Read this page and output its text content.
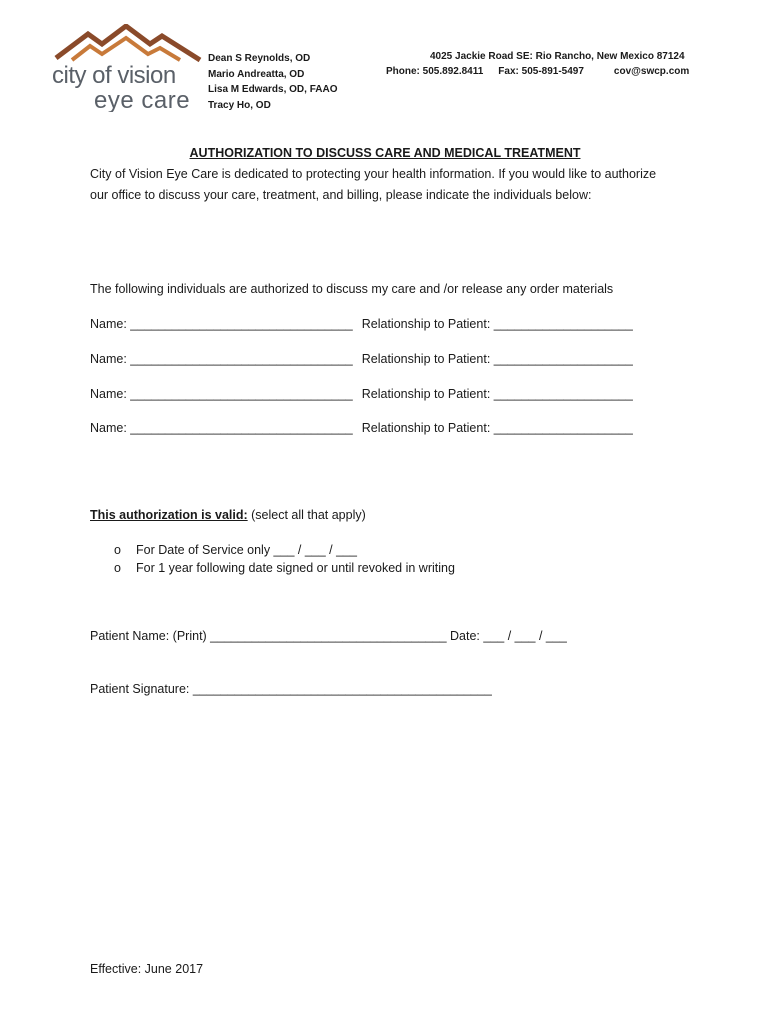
city of vision
eye care
Dean S Reynolds, OD
Mario Andreatta, OD
Lisa M Edwards, OD, FAAO
Tracy Ho, OD
4025 Jackie Road SE: Rio Rancho, New Mexico 87124
Phone: 505.892.8411 Fax: 505-891-5497	cov@swcp.com
AUTHORIZATION TO DISCUSS CARE AND MEDICAL TREATMENT
City of Vision Eye Care is dedicated to protecting your health information. If you would like to authorize
our office to discuss your care, treatment, and billing, please indicate the individuals below:
The following individuals are authorized to discuss my care and /or release any order materials
Name: ________________________________ Relationship to Patient: ____________________
Name: ________________________________ Relationship to Patient: ____________________
Name: ________________________________ Relationship to Patient: ____________________
Name: ________________________________ Relationship to Patient: ____________________
This authorization is valid: (select all that apply)
o For Date of Service only ___ / ___ / ___
o For 1 year following date signed or until revoked in writing
Patient Name: (Print) __________________________________ Date: ___ / ___ / ___
Patient Signature: ___________________________________________
Effective: June 2017
